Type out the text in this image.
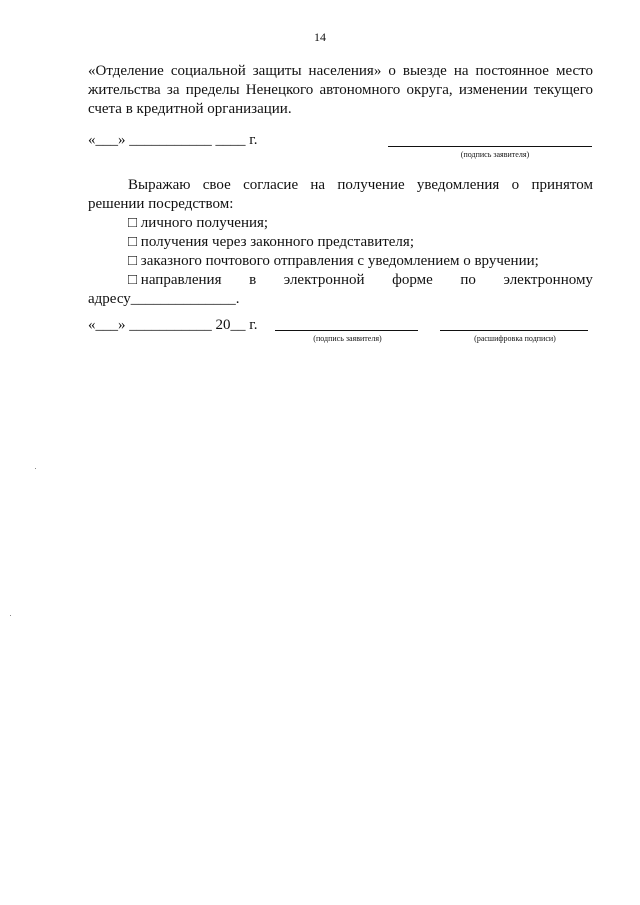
14
«Отделение социальной защиты населения» о выезде на постоянное место жительства за пределы Ненецкого автономного округа, изменении текущего счета в кредитной организации.
«___» ___________ ____ г.
(подпись заявителя)

Выражаю свое согласие на получение уведомления о принятом решении посредством:

□ личного получения;

□ получения через законного представителя;

□ заказного почтового отправления с уведомлением о вручении;

□ направления в электронной форме по электронному

адресу______________.

«___» ___________ 20__ г.
(подпись заявителя)	(расшифровка подписи)
